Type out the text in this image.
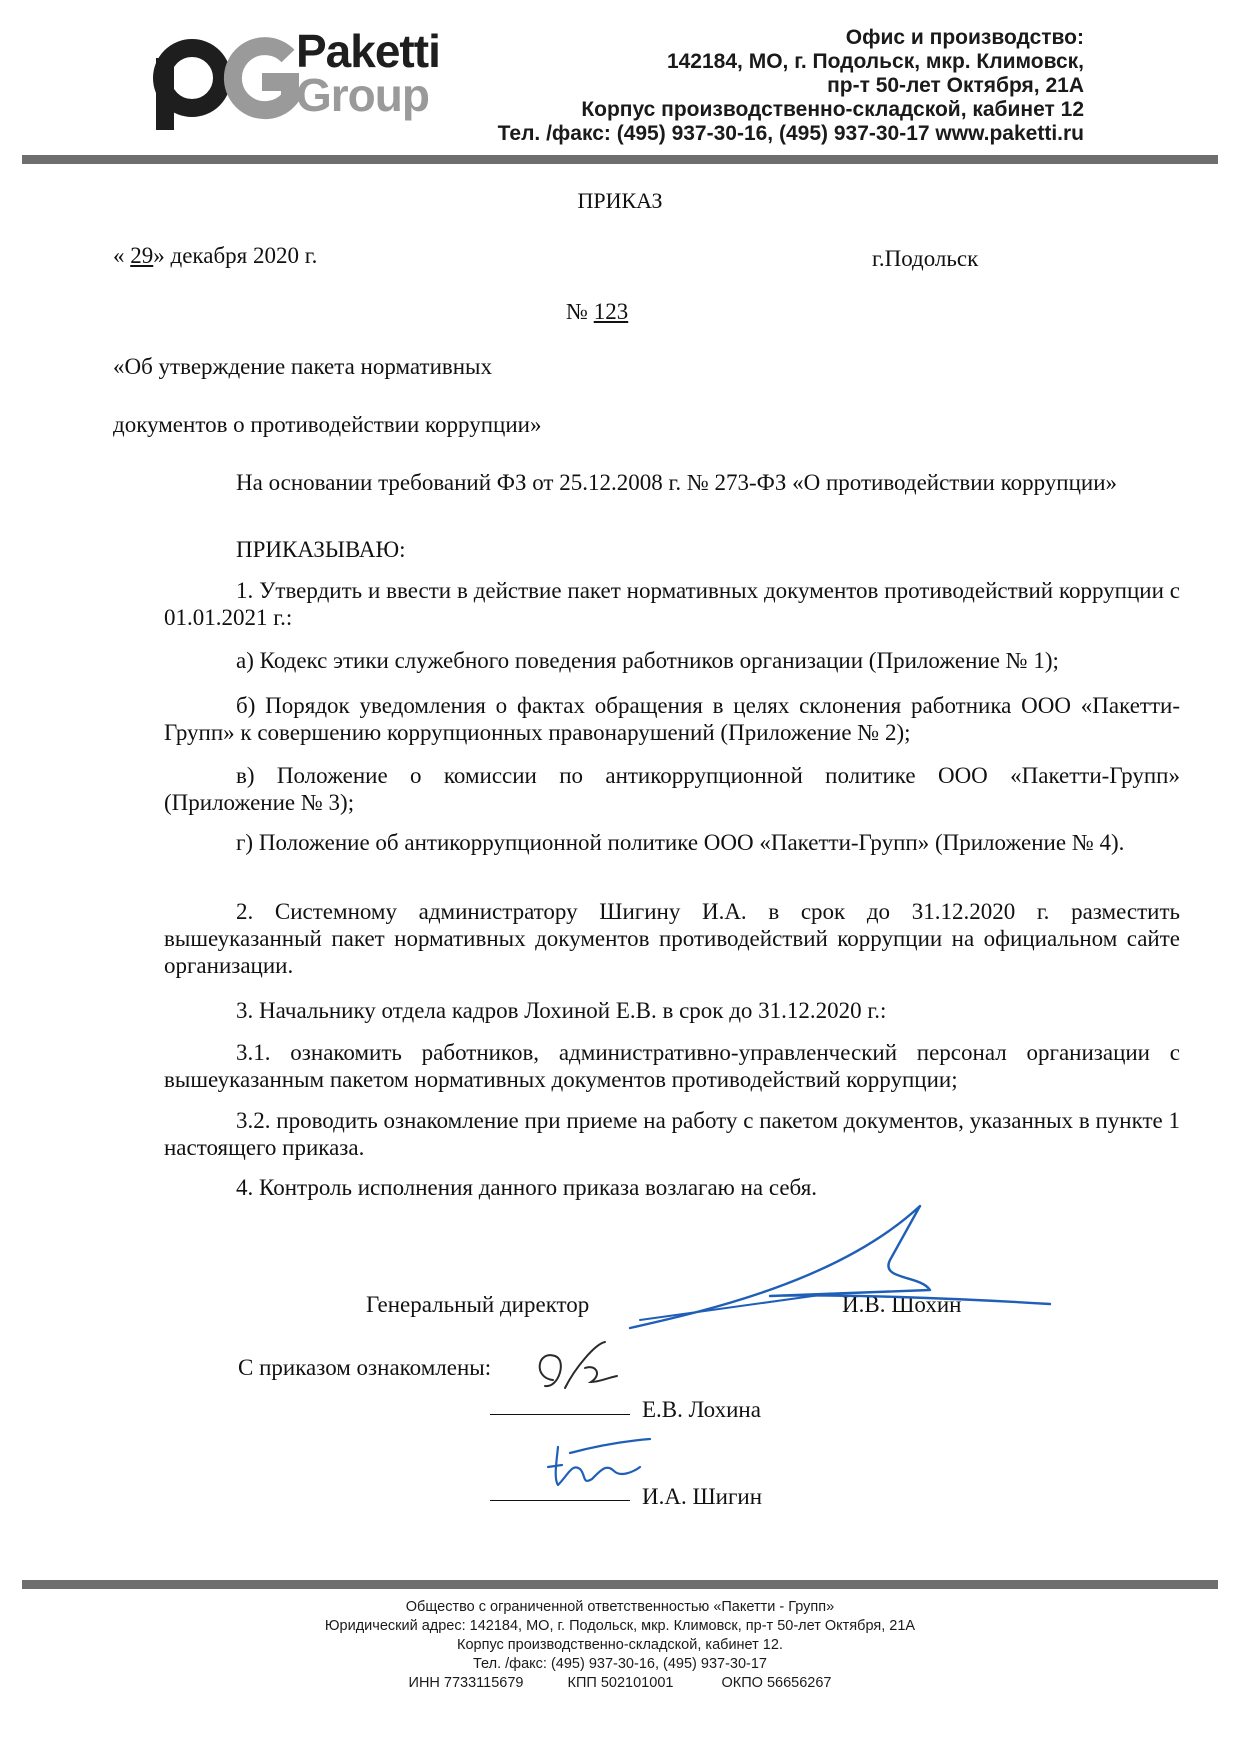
Paketti
Group
Офис и производство:
142184, МО, г. Подольск, мкр. Климовск,
пр-т 50-лет Октября, 21А
Корпус производственно-складской, кабинет 12
Тел. /факс: (495) 937-30-16, (495) 937-30-17 www.paketti.ru
ПРИКАЗ
« 29» декабря 2020 г.	г.Подольск
№ 123
«Об утверждение пакета нормативных
документов о противодействии коррупции»
На основании требований ФЗ от 25.12.2008 г. № 273-ФЗ «О противодействии коррупции»
ПРИКАЗЫВАЮ:
1. Утвердить и ввести в действие пакет нормативных документов противодействий коррупции с 01.01.2021 г.:
а) Кодекс этики служебного поведения работников организации (Приложение № 1);
б) Порядок уведомления о фактах обращения в целях склонения работника ООО «Пакетти-Групп» к совершению коррупционных правонарушений (Приложение № 2);
в) Положение о комиссии по антикоррупционной политике ООО «Пакетти-Групп» (Приложение № 3);
г) Положение об антикоррупционной политике ООО «Пакетти-Групп» (Приложение № 4).
2. Системному администратору Шигину И.А. в срок до 31.12.2020 г. разместить вышеуказанный пакет нормативных документов противодействий коррупции на официальном сайте организации.
3. Начальнику отдела кадров Лохиной Е.В. в срок до 31.12.2020 г.:
3.1. ознакомить работников, административно-управленческий персонал организации с вышеуказанным пакетом нормативных документов противодействий коррупции;
3.2. проводить ознакомление при приеме на работу с пакетом документов, указанных в пункте 1 настоящего приказа.
4. Контроль исполнения данного приказа возлагаю на себя.
Генеральный директор	И.В. Шохин
С приказом ознакомлены:
Е.В. Лохина
И.А. Шигин
Общество с ограниченной ответственностью «Пакетти - Групп»
Юридический адрес: 142184, МО, г. Подольск, мкр. Климовск, пр-т 50-лет Октября, 21А
Корпус производственно-складской, кабинет 12.
Тел. /факс: (495) 937-30-16, (495) 937-30-17
ИНН 7733115679	КПП 502101001	ОКПО 56656267
